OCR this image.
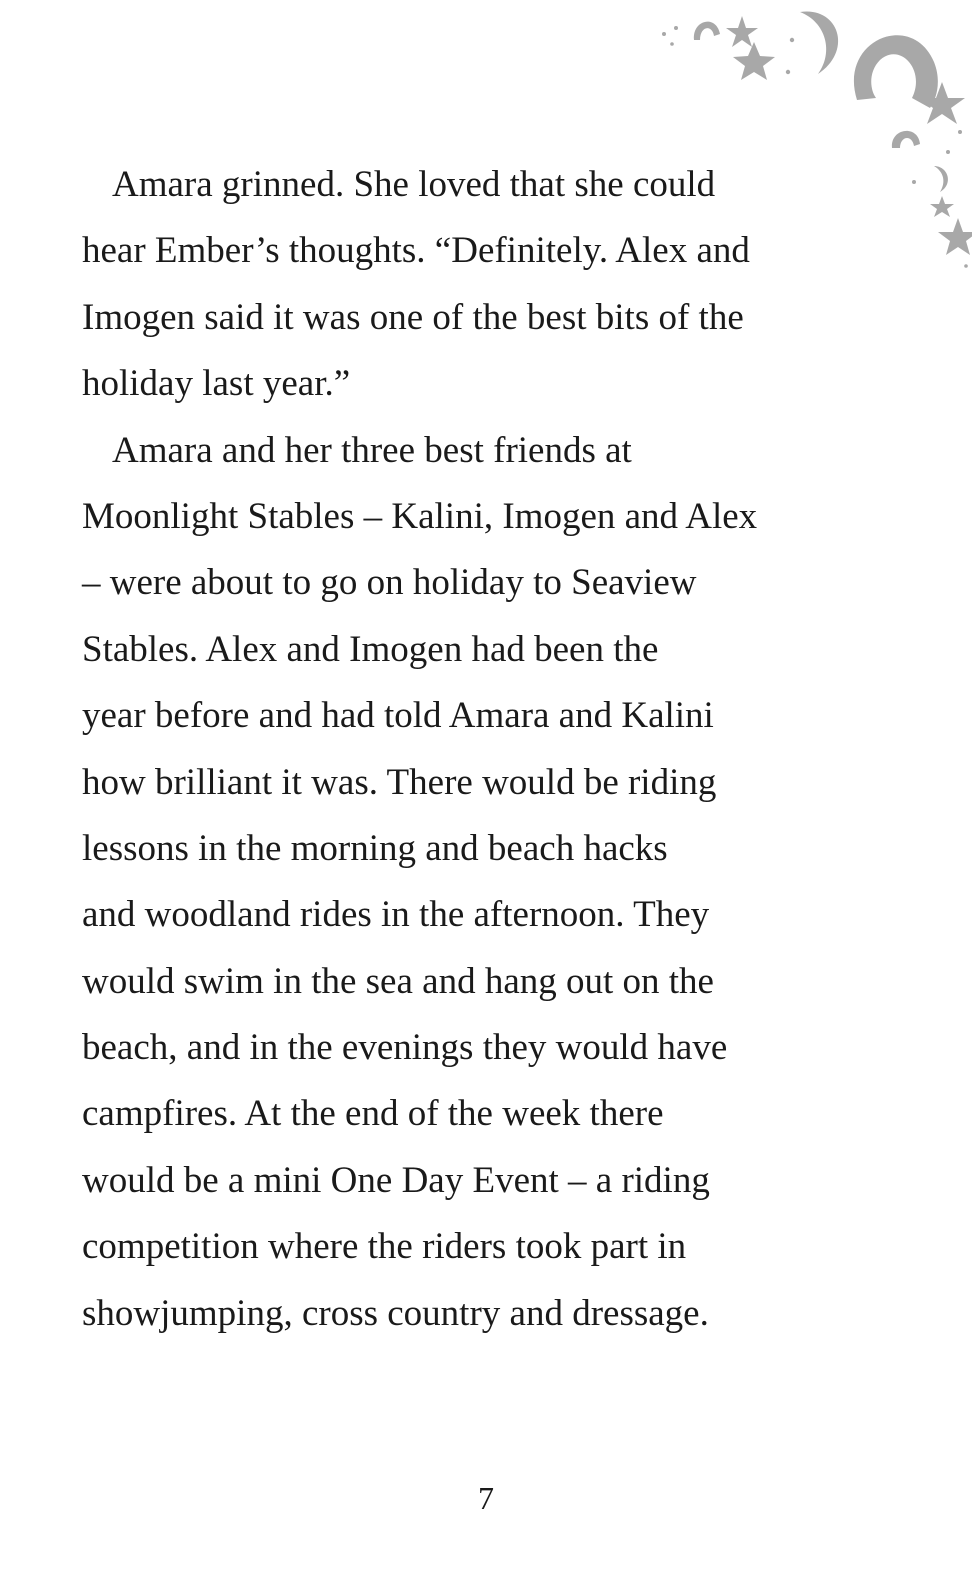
Amara grinned. She loved that she could
hear Ember’s thoughts. “Definitely. Alex and
Imogen said it was one of the best bits of the
holiday last year.”
Amara and her three best friends at
Moonlight Stables – Kalini, Imogen and Alex
– were about to go on holiday to Seaview
Stables. Alex and Imogen had been the
year before and had told Amara and Kalini
how brilliant it was. There would be riding
lessons in the morning and beach hacks
and woodland rides in the afternoon. They
would swim in the sea and hang out on the
beach, and in the evenings they would have
campfires. At the end of the week there
would be a mini One Day Event – a riding
competition where the riders took part in
showjumping, cross country and dressage.
7
